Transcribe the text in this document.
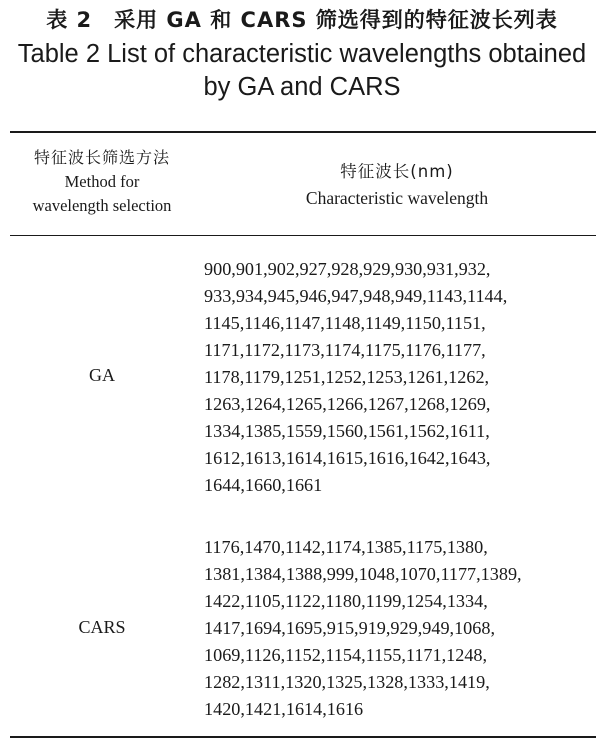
表 2　采用 GA 和 CARS 筛选得到的特征波长列表
Table 2 List of characteristic wavelengths obtained
by GA and CARS
特征波长筛选方法
Method for
wavelength selection
特征波长(nm)
Characteristic wavelength
GA
900,901,902,927,928,929,930,931,932,
933,934,945,946,947,948,949,1143,1144,
1145,1146,1147,1148,1149,1150,1151,
1171,1172,1173,1174,1175,1176,1177,
1178,1179,1251,1252,1253,1261,1262,
1263,1264,1265,1266,1267,1268,1269,
1334,1385,1559,1560,1561,1562,1611,
1612,1613,1614,1615,1616,1642,1643,
1644,1660,1661
CARS
1176,1470,1142,1174,1385,1175,1380,
1381,1384,1388,999,1048,1070,1177,1389,
1422,1105,1122,1180,1199,1254,1334,
1417,1694,1695,915,919,929,949,1068,
1069,1126,1152,1154,1155,1171,1248,
1282,1311,1320,1325,1328,1333,1419,
1420,1421,1614,1616
